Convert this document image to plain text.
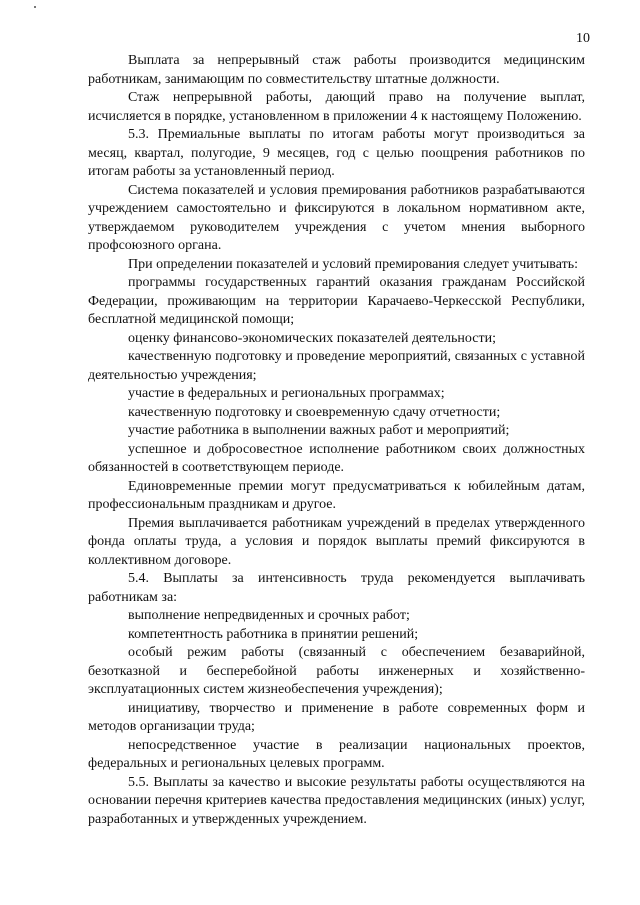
10

Выплата за непрерывный стаж работы производится медицинским работникам, занимающим по совместительству штатные должности.

Стаж непрерывной работы, дающий право на получение выплат, исчисляется в порядке, установленном в приложении 4 к настоящему Положению.

5.3. Премиальные выплаты по итогам работы могут производиться за месяц, квартал, полугодие, 9 месяцев, год с целью поощрения работников по итогам работы за установленный период.

Система показателей и условия премирования работников разрабатываются учреждением самостоятельно и фиксируются в локальном нормативном акте, утверждаемом руководителем учреждения с учетом мнения выборного профсоюзного органа.

При определении показателей и условий премирования следует учитывать:

программы государственных гарантий оказания гражданам Российской Федерации, проживающим на территории Карачаево-Черкесской Республики, бесплатной медицинской помощи;

оценку финансово-экономических показателей деятельности;

качественную подготовку и проведение мероприятий, связанных с уставной деятельностью учреждения;

участие в федеральных и региональных программах;

качественную подготовку и своевременную сдачу отчетности;

участие работника в выполнении важных работ и мероприятий;

успешное и добросовестное исполнение работником своих должностных обязанностей в соответствующем периоде.

Единовременные премии могут предусматриваться к юбилейным датам, профессиональным праздникам и другое.

Премия выплачивается работникам учреждений в пределах утвержденного фонда оплаты труда, а условия и порядок выплаты премий фиксируются в коллективном договоре.

5.4. Выплаты за интенсивность труда рекомендуется выплачивать работникам за:

выполнение непредвиденных и срочных работ;

компетентность работника в принятии решений;

особый режим работы (связанный с обеспечением безаварийной, безотказной и бесперебойной работы инженерных и хозяйственно-эксплуатационных систем жизнеобеспечения учреждения);

инициативу, творчество и применение в работе современных форм и методов организации труда;

непосредственное участие в реализации национальных проектов, федеральных и региональных целевых программ.

5.5. Выплаты за качество и высокие результаты работы осуществляются на основании перечня критериев качества предоставления медицинских (иных) услуг, разработанных и утвержденных учреждением.
